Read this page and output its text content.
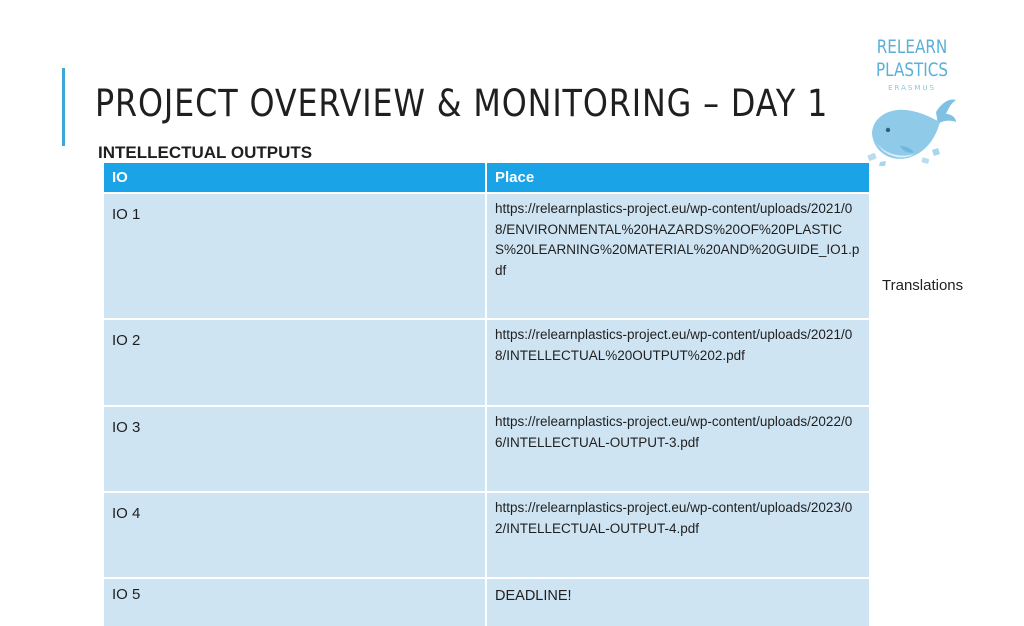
PROJECT OVERVIEW & MONITORING – DAY 1
INTELLECTUAL OUTPUTS
IO	Place
IO 1	https://relearnplastics-project.eu/wp-content/uploads/2021/08/ENVIRONMENTAL%20HAZARDS%20OF%20PLASTICS%20LEARNING%20MATERIAL%20AND%20GUIDE_IO1.pdf
IO 2	https://relearnplastics-project.eu/wp-content/uploads/2021/08/INTELLECTUAL%20OUTPUT%202.pdf
IO 3	https://relearnplastics-project.eu/wp-content/uploads/2022/06/INTELLECTUAL-OUTPUT-3.pdf
IO 4	https://relearnplastics-project.eu/wp-content/uploads/2023/02/INTELLECTUAL-OUTPUT-4.pdf
IO 5	DEADLINE!
Translations
RELEARN
PLASTICS
ERASMUS
